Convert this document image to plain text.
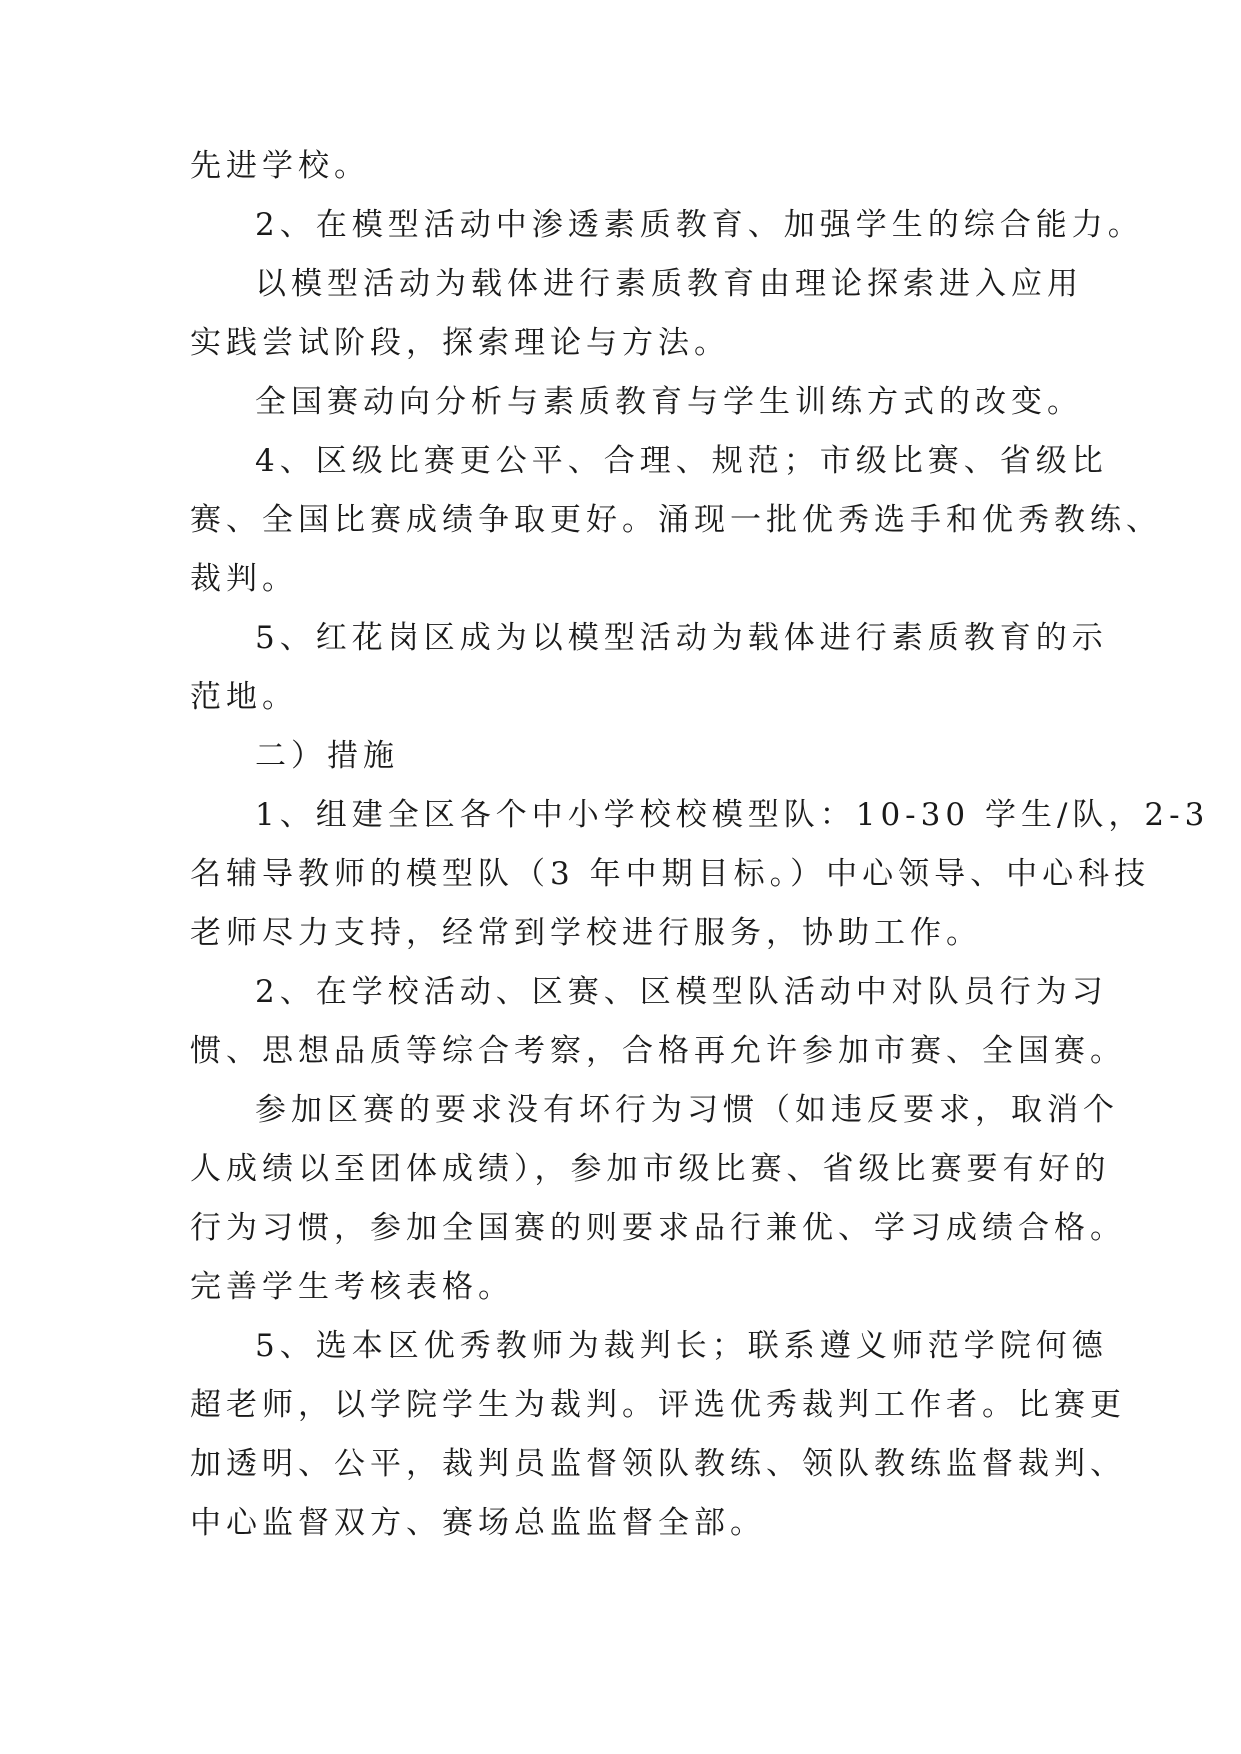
先进学校。
2、在模型活动中渗透素质教育、加强学生的综合能力。
以模型活动为载体进行素质教育由理论探索进入应用
实践尝试阶段，探索理论与方法。
全国赛动向分析与素质教育与学生训练方式的改变。
4、区级比赛更公平、合理、规范；市级比赛、省级比
赛、全国比赛成绩争取更好。涌现一批优秀选手和优秀教练、
裁判。
5、红花岗区成为以模型活动为载体进行素质教育的示
范地。
二）措施
1、组建全区各个中小学校校模型队：10-30 学生/队，2-3
名辅导教师的模型队（3 年中期目标。）中心领导、中心科技
老师尽力支持，经常到学校进行服务，协助工作。
2、在学校活动、区赛、区模型队活动中对队员行为习
惯、思想品质等综合考察，合格再允许参加市赛、全国赛。
参加区赛的要求没有坏行为习惯（如违反要求，取消个
人成绩以至团体成绩），参加市级比赛、省级比赛要有好的
行为习惯，参加全国赛的则要求品行兼优、学习成绩合格。
完善学生考核表格。
5、选本区优秀教师为裁判长；联系遵义师范学院何德
超老师，以学院学生为裁判。评选优秀裁判工作者。比赛更
加透明、公平，裁判员监督领队教练、领队教练监督裁判、
中心监督双方、赛场总监监督全部。
